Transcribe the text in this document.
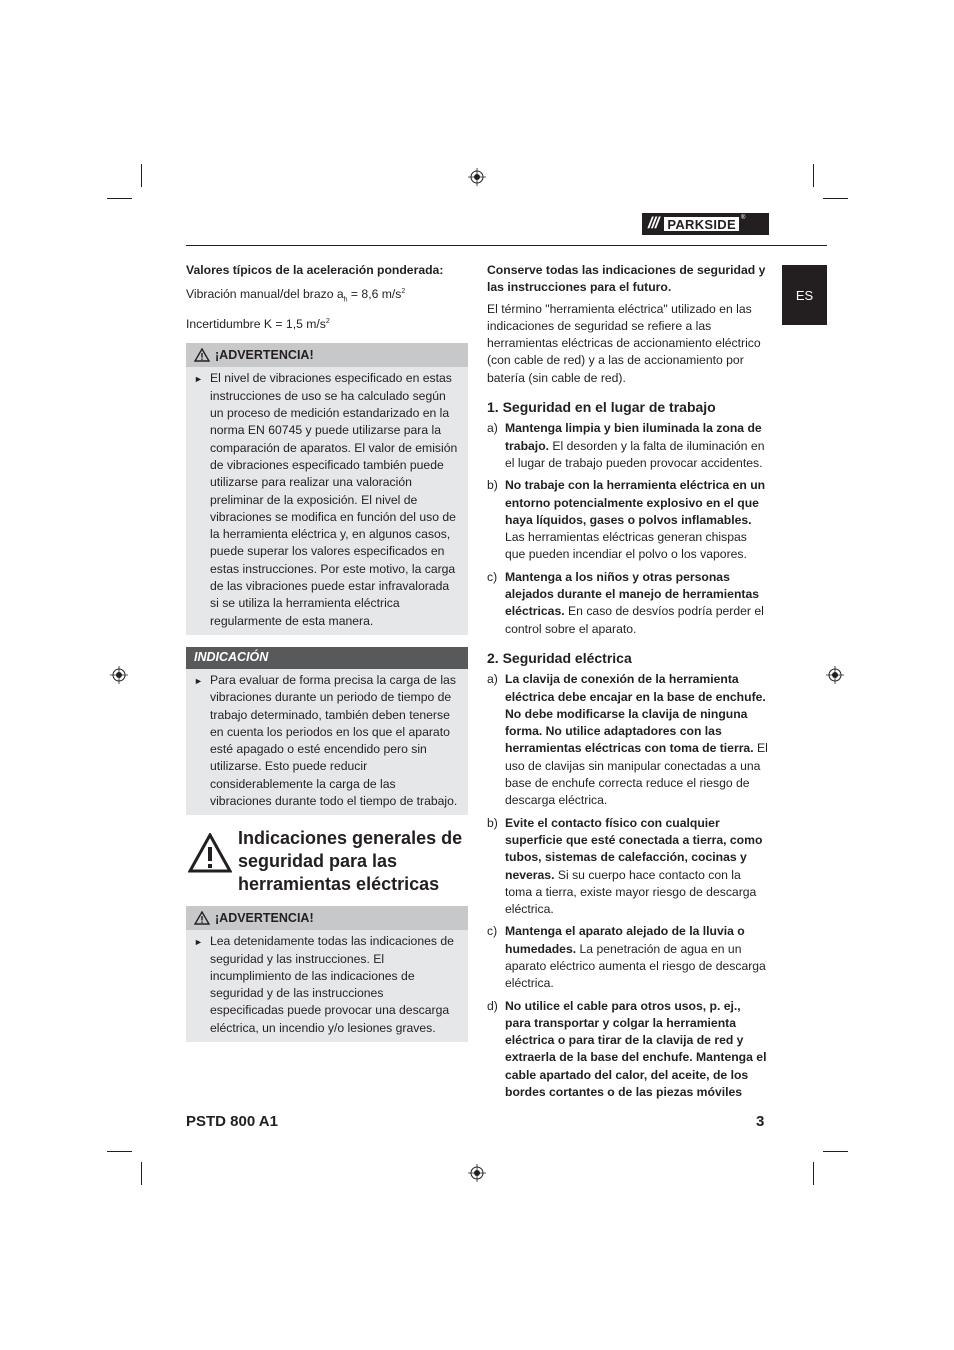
/// PARKSIDE ®
ES
Valores típicos de la aceleración ponderada:
Vibración manual/del brazo $a_h = 8,6$ $m/s^2$
Incertidumbre K = 1,5 $m/s^2$
¡ADVERTENCIA!
► El nivel de vibraciones especificado en estas instrucciones de uso se ha calculado según un proceso de medición estandarizado en la norma EN 60745 y puede utilizarse para la comparación de aparatos. El valor de emisión de vibraciones especificado también puede utilizarse para realizar una valoración preliminar de la exposición. El nivel de vibraciones se modifica en función del uso de la herramienta eléctrica y, en algunos casos, puede superar los valores especificados en estas instrucciones. Por este motivo, la carga de las vibraciones puede estar infravalorada si se utiliza la herramienta eléctrica regularmente de esta manera.
INDICACIÓN
► Para evaluar de forma precisa la carga de las vibraciones durante un periodo de tiempo de trabajo determinado, también deben tenerse en cuenta los periodos en los que el aparato esté apagado o esté encendido pero sin utilizarse. Esto puede reducir considerablemente la carga de las vibraciones durante todo el tiempo de trabajo.
Indicaciones generales de seguridad para las herramientas eléctricas
¡ADVERTENCIA!
► Lea detenidamente todas las indicaciones de seguridad y las instrucciones. El incumplimiento de las indicaciones de seguridad y de las instrucciones especificadas puede provocar una descarga eléctrica, un incendio y/o lesiones graves.
Conserve todas las indicaciones de seguridad y las instrucciones para el futuro.
El término "herramienta eléctrica" utilizado en las indicaciones de seguridad se refiere a las herramientas eléctricas de accionamiento eléctrico (con cable de red) y a las de accionamiento por batería (sin cable de red).
1. Seguridad en el lugar de trabajo
a) Mantenga limpia y bien iluminada la zona de trabajo. El desorden y la falta de iluminación en el lugar de trabajo pueden provocar accidentes.
b) No trabaje con la herramienta eléctrica en un entorno potencialmente explosivo en el que haya líquidos, gases o polvos inflamables. Las herramientas eléctricas generan chispas que pueden incendiar el polvo o los vapores.
c) Mantenga a los niños y otras personas alejados durante el manejo de herramientas eléctricas. En caso de desvíos podría perder el control sobre el aparato.
2. Seguridad eléctrica
a) La clavija de conexión de la herramienta eléctrica debe encajar en la base de enchufe. No debe modificarse la clavija de ninguna forma. No utilice adaptadores con las herramientas eléctricas con toma de tierra. El uso de clavijas sin manipular conectadas a una base de enchufe correcta reduce el riesgo de descarga eléctrica.
b) Evite el contacto físico con cualquier superficie que esté conectada a tierra, como tubos, sistemas de calefacción, cocinas y neveras. Si su cuerpo hace contacto con la toma a tierra, existe mayor riesgo de descarga eléctrica.
c) Mantenga el aparato alejado de la lluvia o humedades. La penetración de agua en un aparato eléctrico aumenta el riesgo de descarga eléctrica.
d) No utilice el cable para otros usos, p. ej., para transportar y colgar la herramienta eléctrica o para tirar de la clavija de red y extraerla de la base del enchufe. Mantenga el cable apartado del calor, del aceite, de los bordes cortantes o de las piezas móviles
PSTD 800 A1	3
